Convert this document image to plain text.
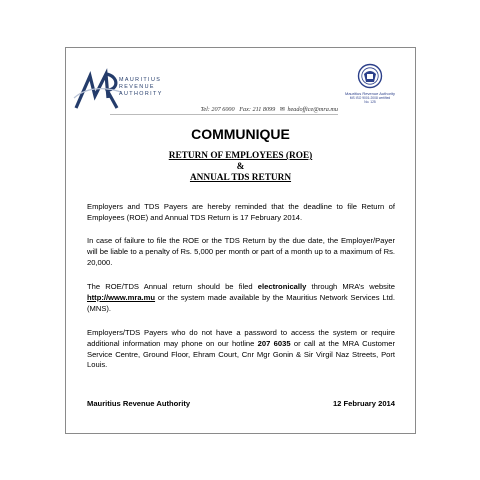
MAURITIUS
REVENUE
AUTHORITY	Mauritius Revenue Authority
MS ISO 9001:2008 certified
No. 125
Tel: 207 6000 Fax: 211 8099 ✉ headoffice@mra.mu
COMMUNIQUE
RETURN OF EMPLOYEES (ROE)
&
ANNUAL TDS RETURN
Employers and TDS Payers are hereby reminded that the deadline to file Return of Employees (ROE) and Annual TDS Return is 17 February 2014.
In case of failure to file the ROE or the TDS Return by the due date, the Employer/Payer will be liable to a penalty of Rs. 5,000 per month or part of a month up to a maximum of Rs. 20,000.
The ROE/TDS Annual return should be filed electronically through MRA’s website http://www.mra.mu or the system made available by the Mauritius Network Services Ltd. (MNS).
Employers/TDS Payers who do not have a password to access the system or require additional information may phone on our hotline 207 6035 or call at the MRA Customer Service Centre, Ground Floor, Ehram Court, Cnr Mgr Gonin & Sir Virgil Naz Streets, Port Louis.
Mauritius Revenue Authority	12 February 2014
